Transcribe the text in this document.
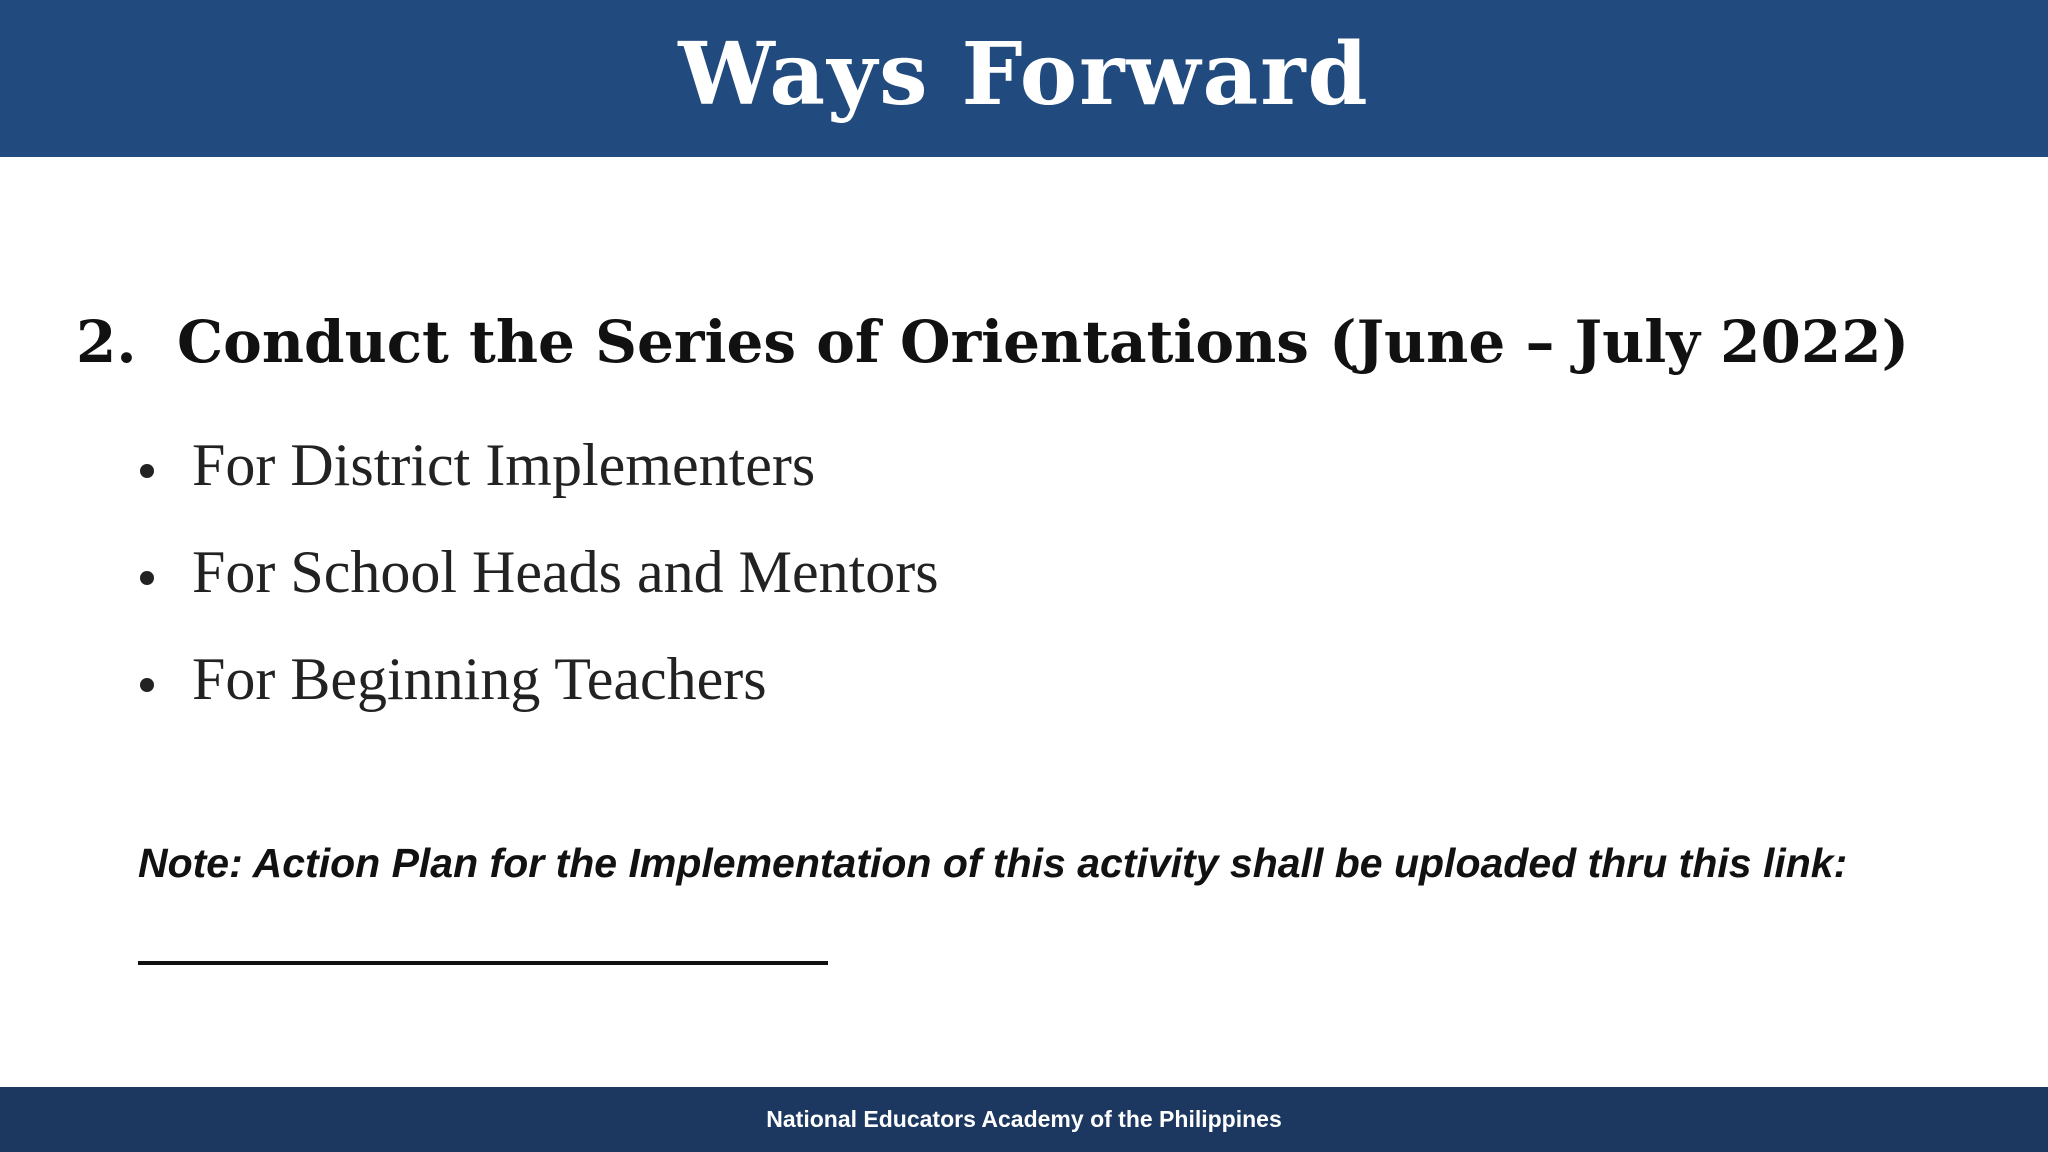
Ways Forward
2. Conduct the Series of Orientations (June – July 2022)
For District Implementers
For School Heads and Mentors
For Beginning Teachers
Note: Action Plan for the Implementation of this activity shall be uploaded thru this link:
National Educators Academy of the Philippines
